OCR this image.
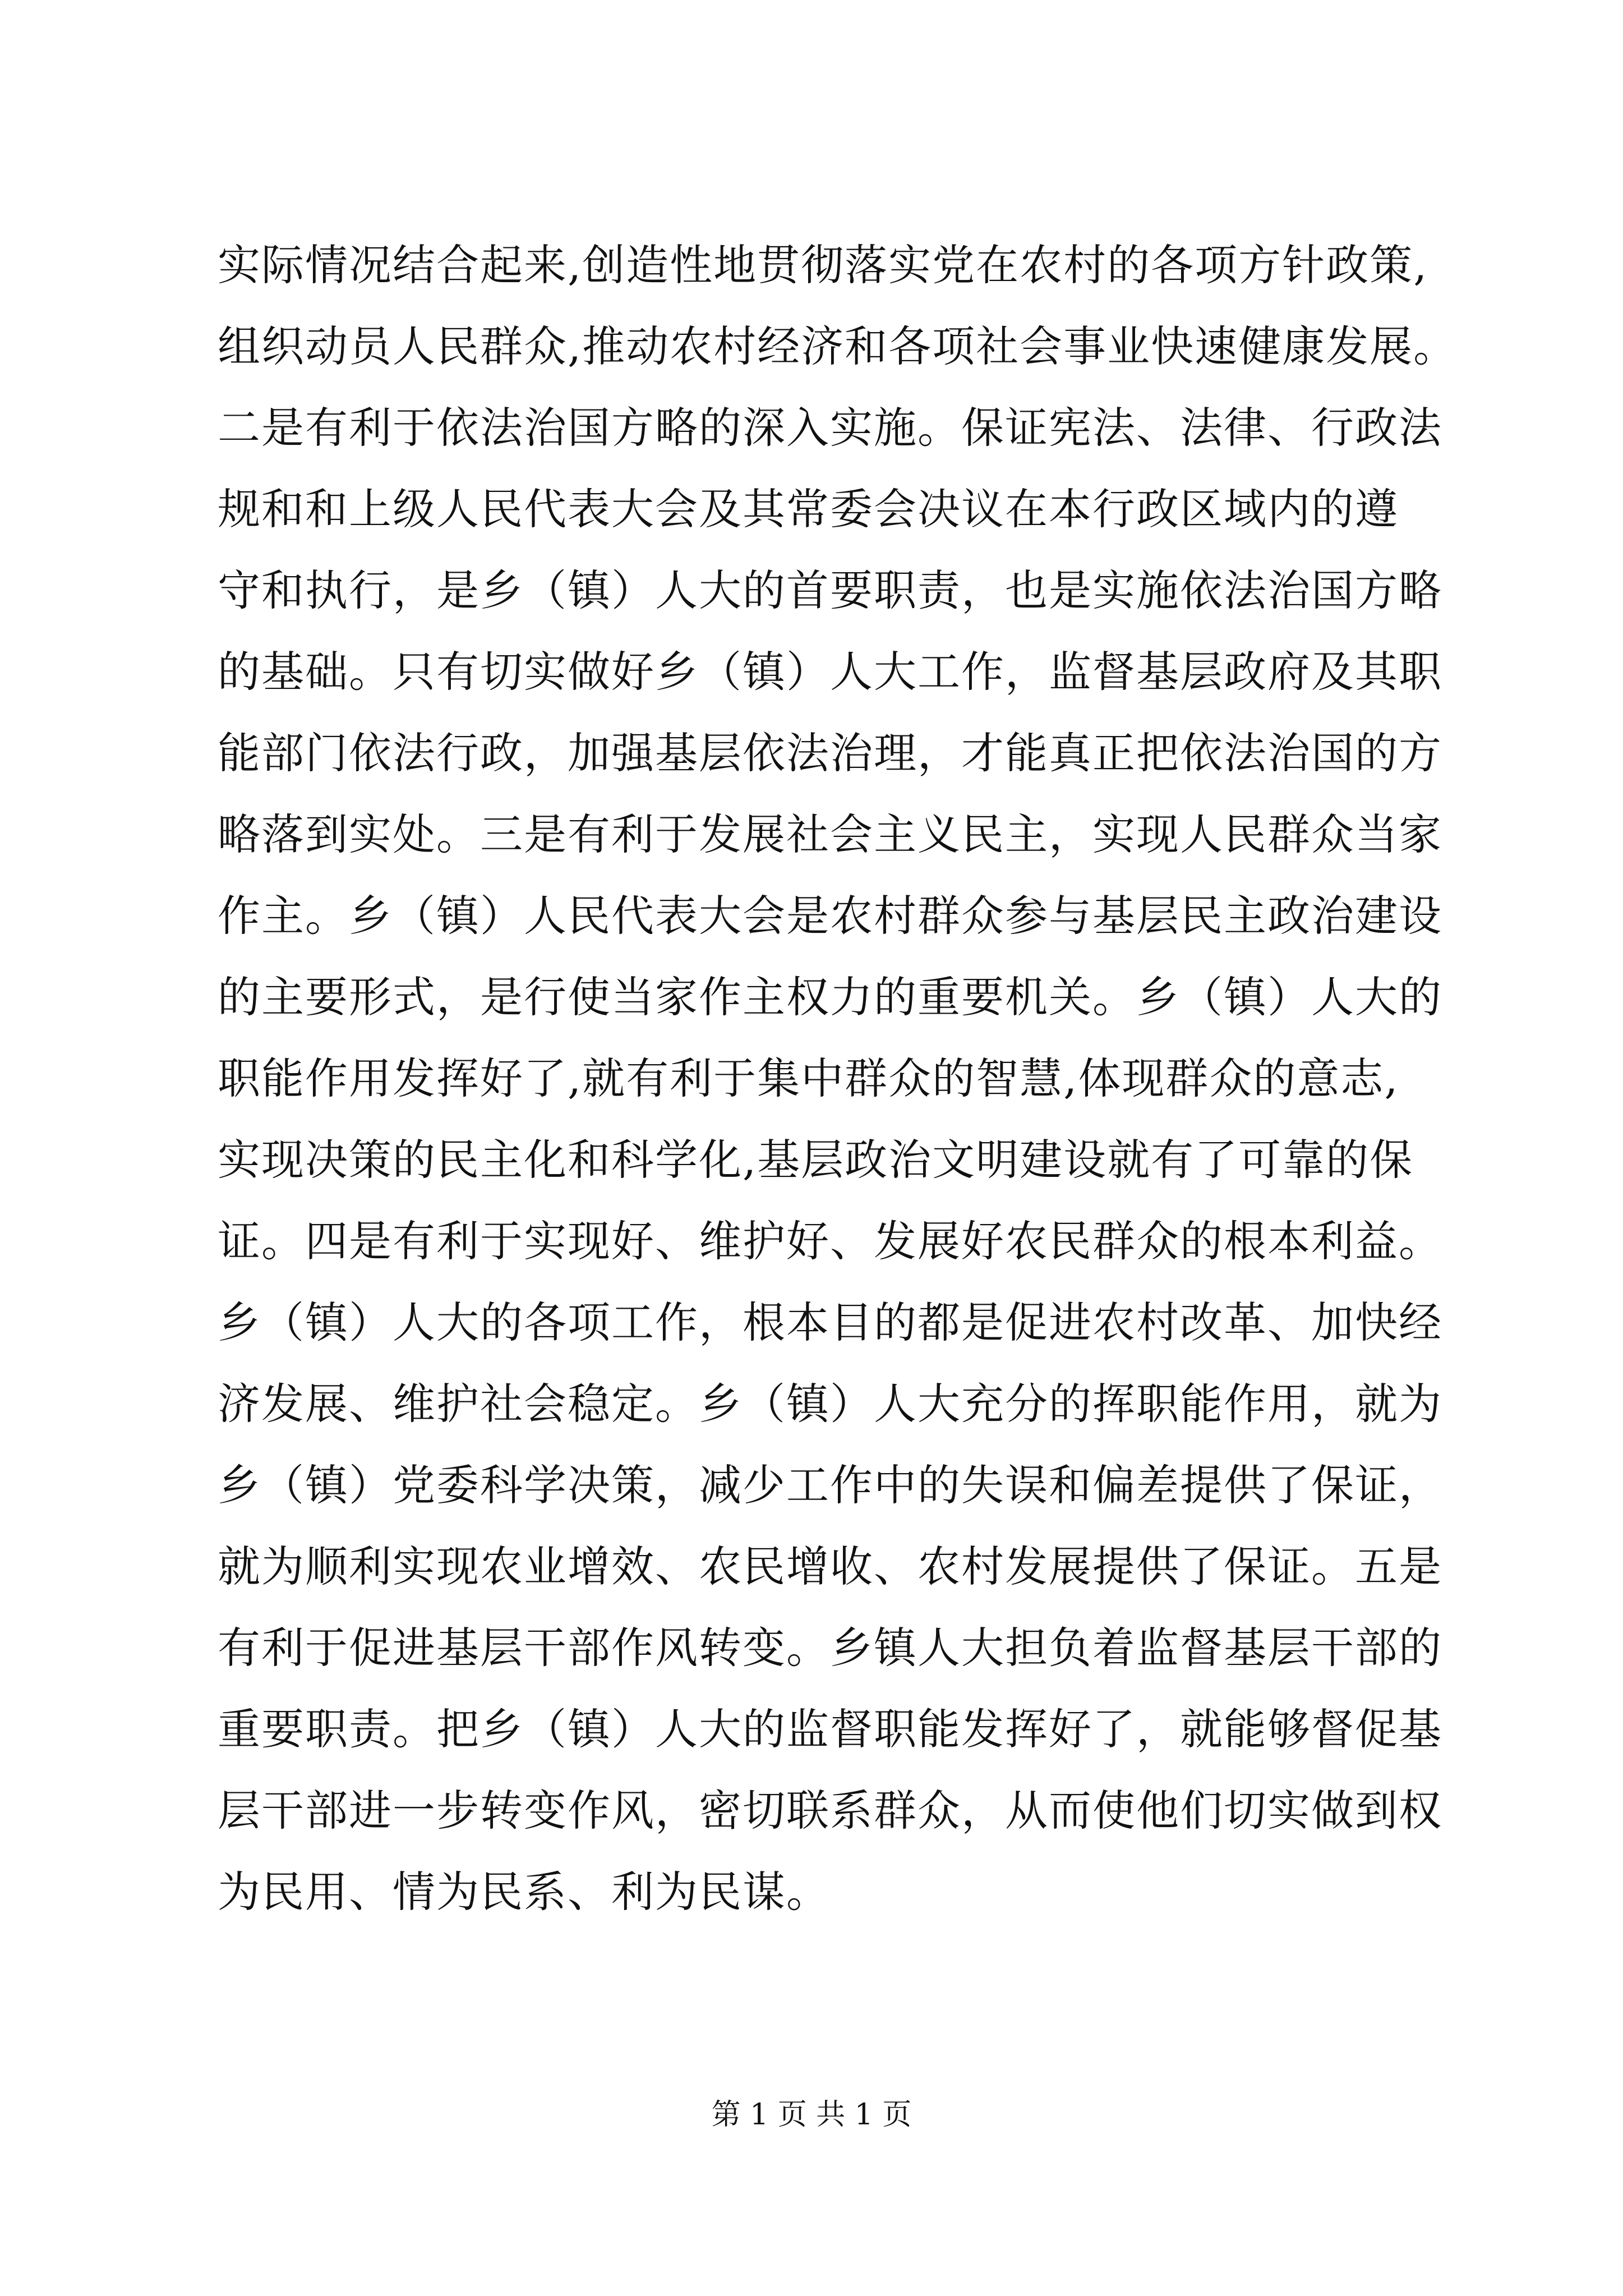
实际情况结合起来,创造性地贯彻落实党在农村的各项方针政策,
组织动员人民群众,推动农村经济和各项社会事业快速健康发展。
二是有利于依法治国方略的深入实施。保证宪法、法律、行政法
规和和上级人民代表大会及其常委会决议在本行政区域内的遵
守和执行，是乡（镇）人大的首要职责，也是实施依法治国方略
的基础。只有切实做好乡（镇）人大工作，监督基层政府及其职
能部门依法行政，加强基层依法治理，才能真正把依法治国的方
略落到实处。三是有利于发展社会主义民主，实现人民群众当家
作主。乡（镇）人民代表大会是农村群众参与基层民主政治建设
的主要形式，是行使当家作主权力的重要机关。乡（镇）人大的
职能作用发挥好了,就有利于集中群众的智慧,体现群众的意志,
实现决策的民主化和科学化,基层政治文明建设就有了可靠的保
证。四是有利于实现好、维护好、发展好农民群众的根本利益。
乡（镇）人大的各项工作，根本目的都是促进农村改革、加快经
济发展、维护社会稳定。乡（镇）人大充分的挥职能作用，就为
乡（镇）党委科学决策，减少工作中的失误和偏差提供了保证，
就为顺利实现农业增效、农民增收、农村发展提供了保证。五是
有利于促进基层干部作风转变。乡镇人大担负着监督基层干部的
重要职责。把乡（镇）人大的监督职能发挥好了，就能够督促基
层干部进一步转变作风，密切联系群众，从而使他们切实做到权
为民用、情为民系、利为民谋。
第 1 页 共 1 页
